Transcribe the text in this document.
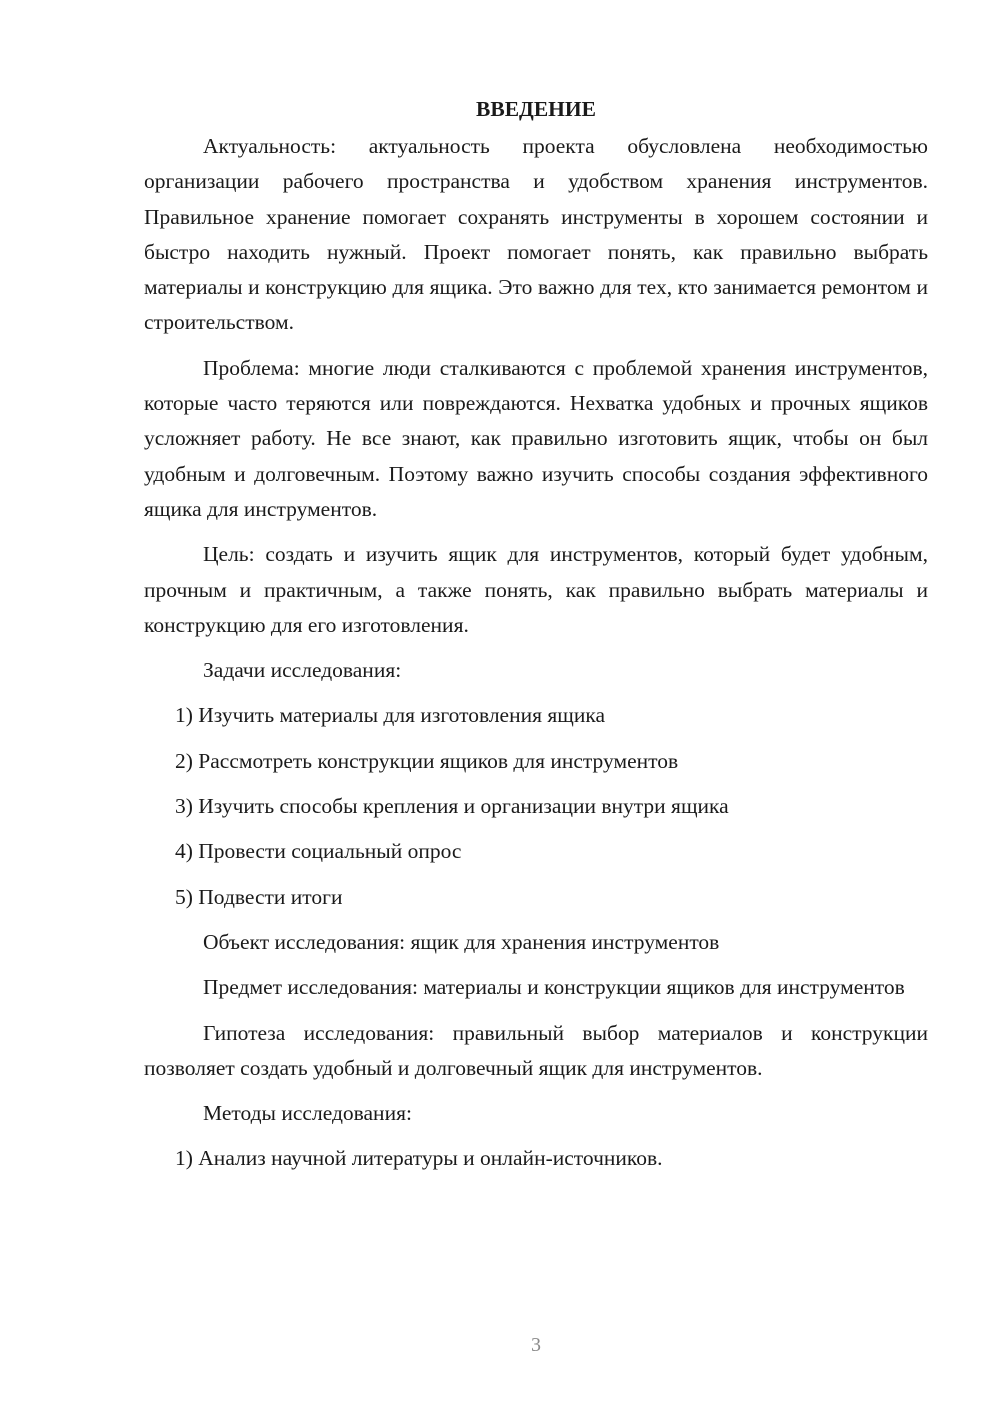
ВВЕДЕНИЕ
Актуальность: актуальность проекта обусловлена необходимостью организации рабочего пространства и удобством хранения инструментов. Правильное хранение помогает сохранять инструменты в хорошем состоянии и быстро находить нужный. Проект помогает понять, как правильно выбрать материалы и конструкцию для ящика. Это важно для тех, кто занимается ремонтом и строительством.
Проблема: многие люди сталкиваются с проблемой хранения инструментов, которые часто теряются или повреждаются. Нехватка удобных и прочных ящиков усложняет работу. Не все знают, как правильно изготовить ящик, чтобы он был удобным и долговечным. Поэтому важно изучить способы создания эффективного ящика для инструментов.
Цель: создать и изучить ящик для инструментов, который будет удобным, прочным и практичным, а также понять, как правильно выбрать материалы и конструкцию для его изготовления.
Задачи исследования:
1) Изучить материалы для изготовления ящика
2) Рассмотреть конструкции ящиков для инструментов
3) Изучить способы крепления и организации внутри ящика
4) Провести социальный опрос
5) Подвести итоги
Объект исследования: ящик для хранения инструментов
Предмет исследования: материалы и конструкции ящиков для инструментов
Гипотеза исследования: правильный выбор материалов и конструкции позволяет создать удобный и долговечный ящик для инструментов.
Методы исследования:
1) Анализ научной литературы и онлайн-источников.
3
